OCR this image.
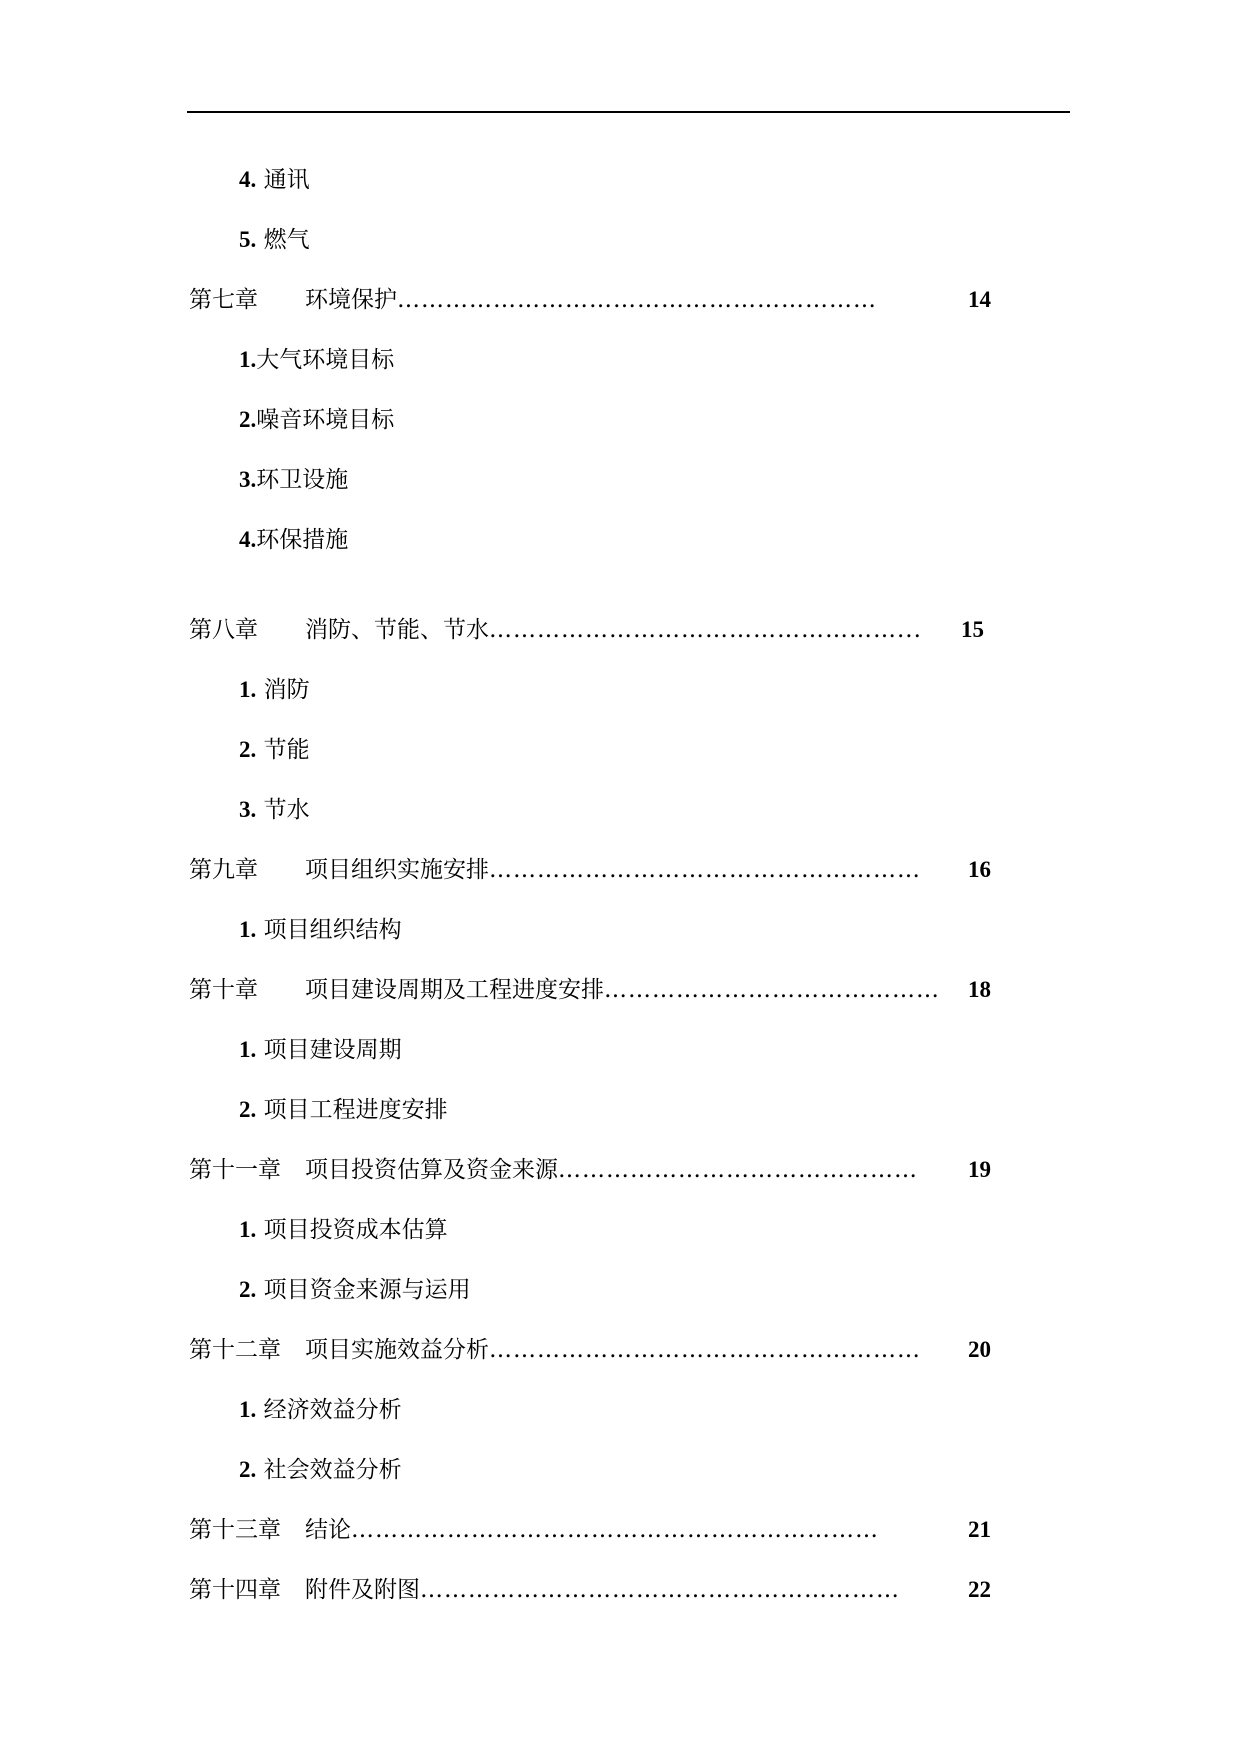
4. 通讯
5. 燃气
第七章	环境保护 ……………………………………………………	14
1.大气环境目标
2.噪音环境目标
3.环卫设施
4.环保措施
第八章	消防、节能、节水 ……………………………………………...	15
1. 消防
2. 节能
3. 节水
第九章	项目组织实施安排 ………………………………………………	16
1. 项目组织结构
第十章	项目建设周期及工程进度安排 ……………………………………	18
1. 项目建设周期
2. 项目工程进度安排
第十一章	项目投资估算及资金来源 ………………………………………	19
1. 项目投资成本估算
2. 项目资金来源与运用
第十二章	项目实施效益分析 ………………………………………………	20
1. 经济效益分析
2. 社会效益分析
第十三章	结论 …………………………………………………………	21
第十四章	附件及附图 ……………………………………………………	22
